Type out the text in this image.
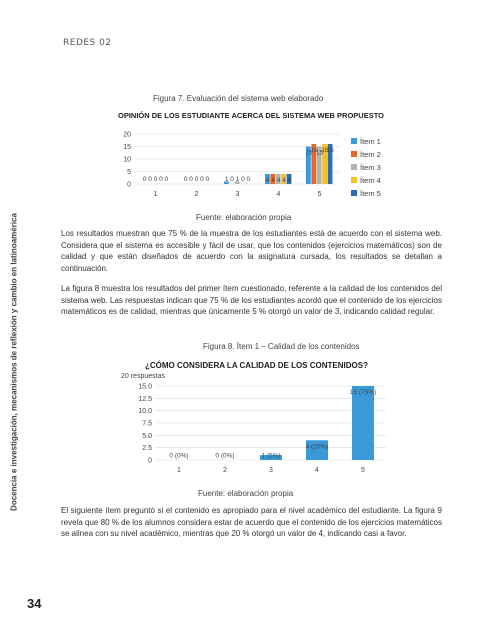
REDES 02
Docencia e investigación, mecanismos de reflexión y cambio en latinoamérica
Figura 7. Evaluación del sistema web elaborado
OPINIÓN DE LOS ESTUDIANTE ACERCA DEL SISTEMA WEB PROPUESTO
0
5
10
15
20
0 0 0 0 0 0 0 0 0 0 1 0 1 0 0 4 4 4 4 4
15
16
15
16
16
1	2	3	4	5
Ítem 1
Ítem 2
Ítem 3
Ítem 4
Ítem 5
Fuente: elaboración propia

Los resultados muestran que 75 % de la muestra de los estudiantes está de acuerdo con el sistema web. Considera que el sistema es accesible y fácil de usar, que los contenidos (ejercicios matemáticos) son de calidad y que están diseñados de acuerdo con la asignatura cursada, los resultados se detallan a continuación.

La figura 8 muestra los resultados del primer ítem cuestionado, referente a la calidad de los contenidos del sistema web. Las respuestas indican que 75 % de los estudiantes acordó que el contenido de los ejercicios matemáticos es de calidad, mientras que únicamente 5 % otorgó un valor de 3, indicando calidad regular.

Figura 8. Ítem 1 – Calidad de los contenidos
¿CÓMO CONSIDERA LA CALIDAD DE LOS CONTENIDOS?
20 respuestas
0
2.5
5.0
7.5
10.0
12.5
15.0
0 (0%)	0 (0%)	1 (5%)
4 (20%)
15 (75%)
1	2	3	4	5
Fuente: elaboración propia

El siguiente ítem preguntó si el contenido es apropiado para el nivel académico del estudiante. La figura 9 revela que 80 % de los alumnos considera estar de acuerdo que el contenido de los ejercicios matemáticos se alinea con su nivel académico, mientras que 20 % otorgó un valor de 4, indicando casi a favor.

34
